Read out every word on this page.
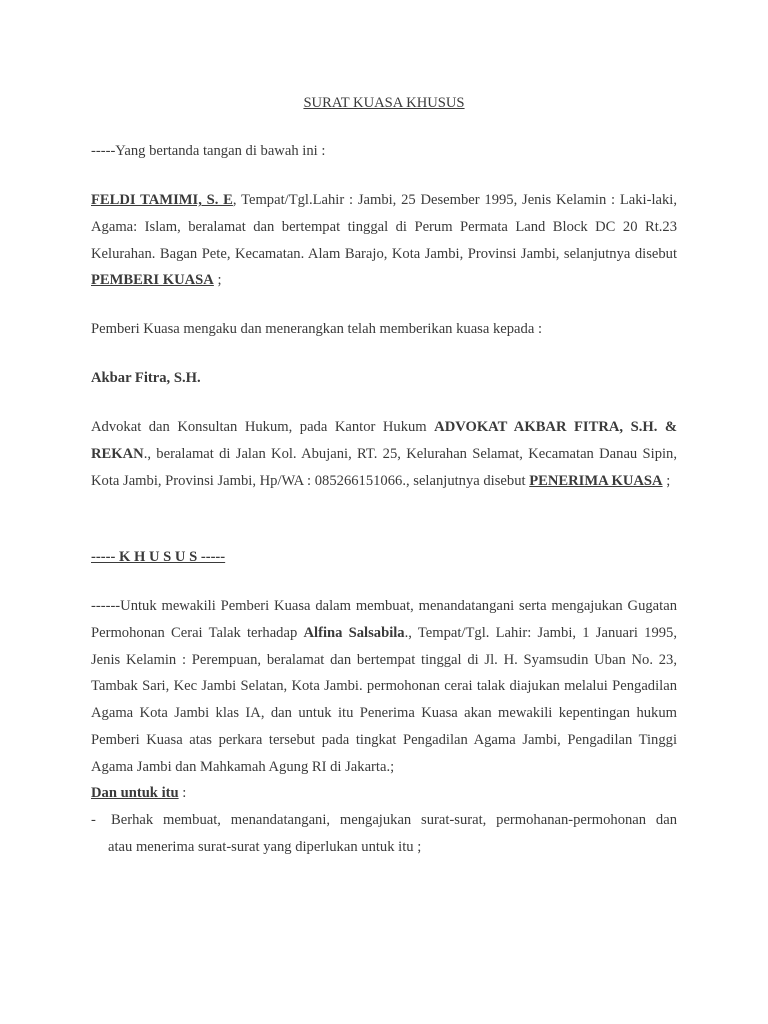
SURAT KUASA KHUSUS
-----Yang bertanda tangan di bawah ini :
FELDI TAMIMI, S. E, Tempat/Tgl.Lahir : Jambi, 25 Desember 1995, Jenis Kelamin : Laki-laki, Agama: Islam, beralamat dan bertempat tinggal di Perum Permata Land Block DC 20 Rt.23 Kelurahan. Bagan Pete, Kecamatan. Alam Barajo, Kota Jambi, Provinsi Jambi, selanjutnya disebut PEMBERI KUASA ;
Pemberi Kuasa mengaku dan menerangkan telah memberikan kuasa kepada :
Akbar Fitra, S.H.
Advokat dan Konsultan Hukum, pada Kantor Hukum ADVOKAT AKBAR FITRA, S.H. & REKAN., beralamat di Jalan Kol. Abujani, RT. 25, Kelurahan Selamat, Kecamatan Danau Sipin, Kota Jambi, Provinsi Jambi, Hp/WA : 085266151066., selanjutnya disebut PENERIMA KUASA ;
----- K H U S U S -----
------Untuk mewakili Pemberi Kuasa dalam membuat, menandatangani serta mengajukan Gugatan Permohonan Cerai Talak terhadap Alfina Salsabila., Tempat/Tgl. Lahir: Jambi, 1 Januari 1995, Jenis Kelamin : Perempuan, beralamat dan bertempat tinggal di Jl. H. Syamsudin Uban No. 23, Tambak Sari, Kec Jambi Selatan, Kota Jambi. permohonan cerai talak diajukan melalui Pengadilan Agama Kota Jambi klas IA, dan untuk itu Penerima Kuasa akan mewakili kepentingan hukum Pemberi Kuasa atas perkara tersebut pada tingkat Pengadilan Agama Jambi, Pengadilan Tinggi Agama Jambi dan Mahkamah Agung RI di Jakarta.;
Dan untuk itu :
- Berhak membuat, menandatangani, mengajukan surat-surat, permohanan-permohonan dan
atau menerima surat-surat yang diperlukan untuk itu ;
